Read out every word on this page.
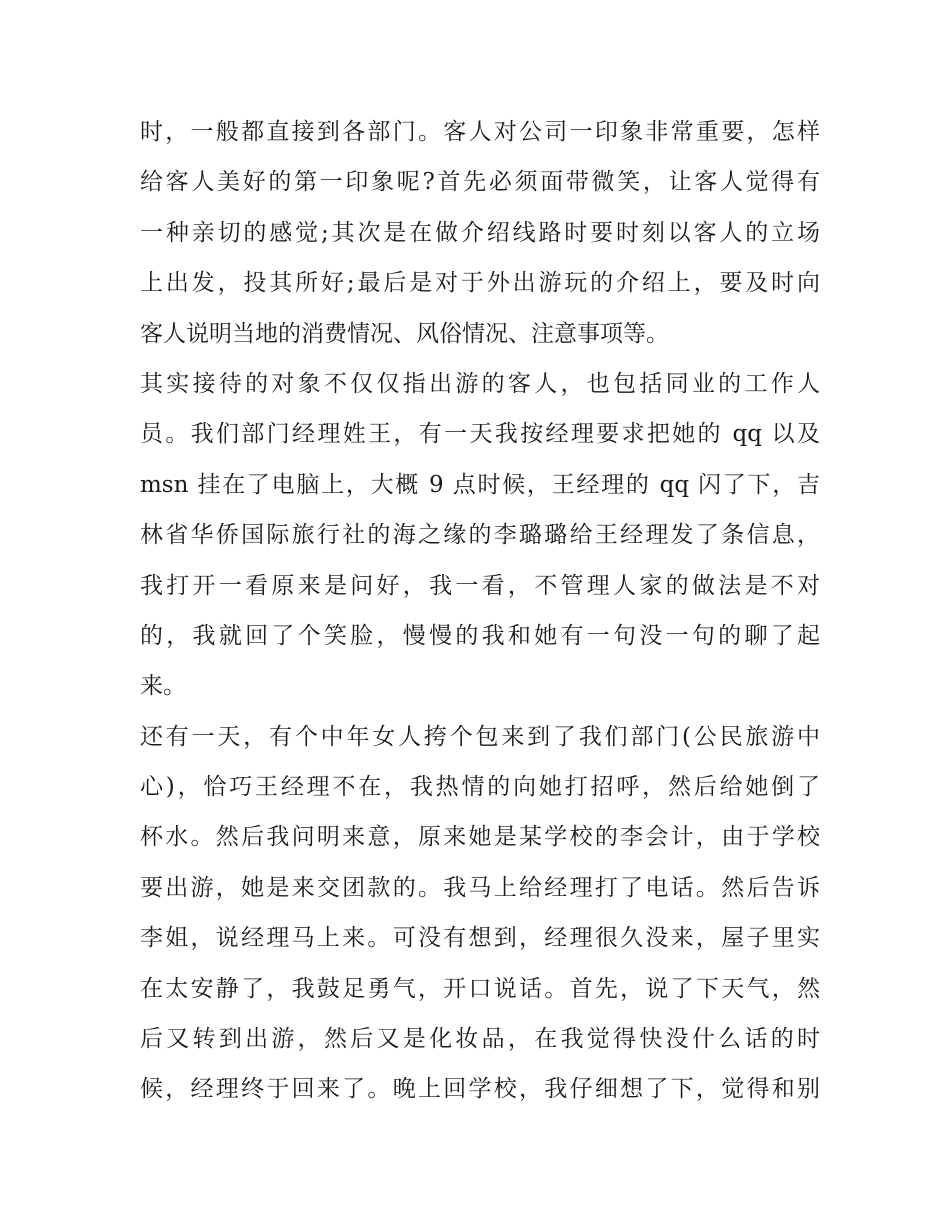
时，一般都直接到各部门。客人对公司一印象非常重要，怎样
给客人美好的第一印象呢?首先必须面带微笑，让客人觉得有
一种亲切的感觉;其次是在做介绍线路时要时刻以客人的立场
上出发，投其所好;最后是对于外出游玩的介绍上，要及时向
客人说明当地的消费情况、风俗情况、注意事项等。
其实接待的对象不仅仅指出游的客人，也包括同业的工作人
员。我们部门经理姓王，有一天我按经理要求把她的 qq 以及
msn 挂在了电脑上，大概 9 点时候，王经理的 qq 闪了下，吉
林省华侨国际旅行社的海之缘的李璐璐给王经理发了条信息，
我打开一看原来是问好，我一看，不管理人家的做法是不对
的，我就回了个笑脸，慢慢的我和她有一句没一句的聊了起
来。
还有一天，有个中年女人挎个包来到了我们部门(公民旅游中
心)，恰巧王经理不在，我热情的向她打招呼，然后给她倒了
杯水。然后我问明来意，原来她是某学校的李会计，由于学校
要出游，她是来交团款的。我马上给经理打了电话。然后告诉
李姐，说经理马上来。可没有想到，经理很久没来，屋子里实
在太安静了，我鼓足勇气，开口说话。首先，说了下天气，然
后又转到出游，然后又是化妆品，在我觉得快没什么话的时
候，经理终于回来了。晚上回学校，我仔细想了下，觉得和别
